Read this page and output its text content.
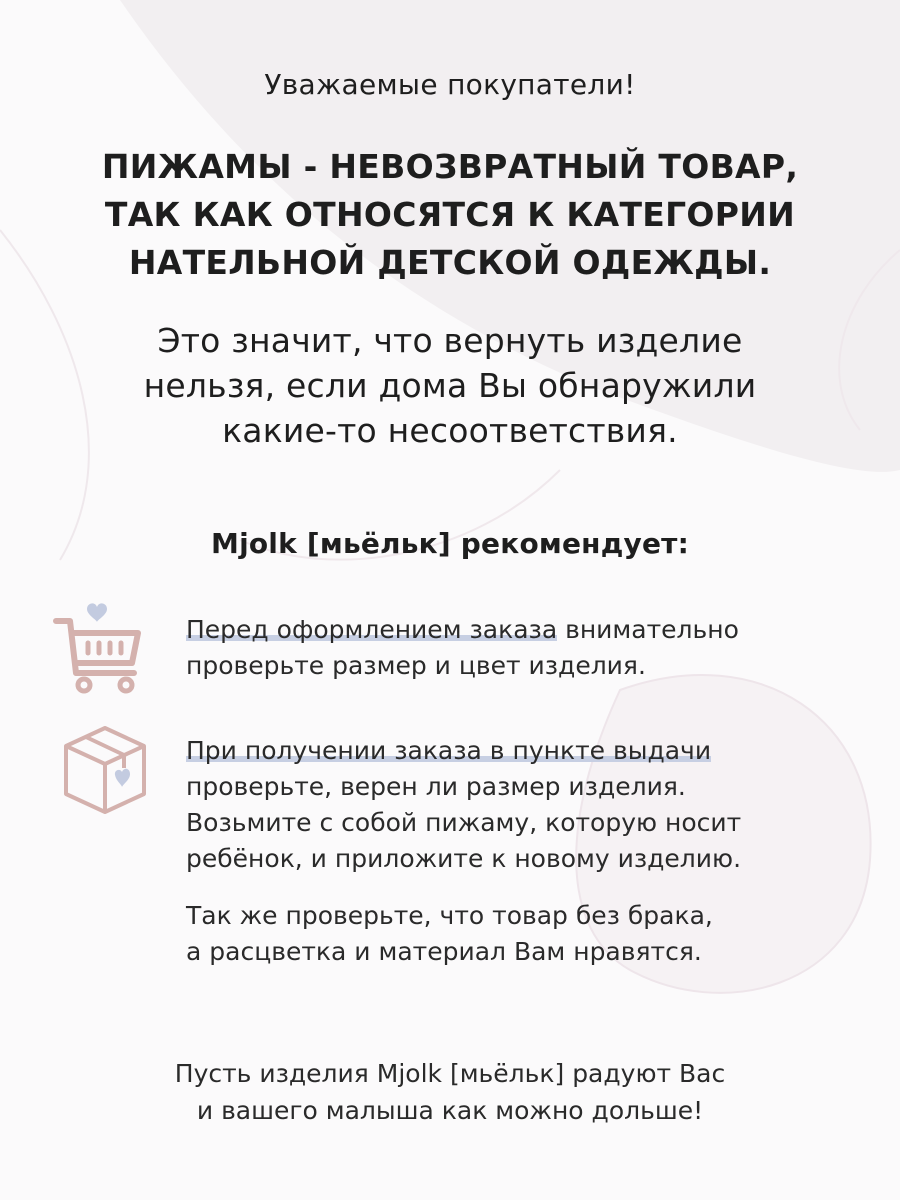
Уважаемые покупатели!
ПИЖАМЫ - НЕВОЗВРАТНЫЙ ТОВАР,
ТАК КАК ОТНОСЯТСЯ К КАТЕГОРИИ
НАТЕЛЬНОЙ ДЕТСКОЙ ОДЕЖДЫ.
Это значит, что вернуть изделие
нельзя, если дома Вы обнаружили
какие-то несоответствия.
Mjolk [мьёльк] рекомендует:
Перед оформлением заказа внимательно
проверьте размер и цвет изделия.
При получении заказа в пункте выдачи
проверьте, верен ли размер изделия.
Возьмите с собой пижаму, которую носит
ребёнок, и приложите к новому изделию.
Так же проверьте, что товар без брака,
а расцветка и материал Вам нравятся.
Пусть изделия Mjolk [мьёльк] радуют Вас
и вашего малыша как можно дольше!
